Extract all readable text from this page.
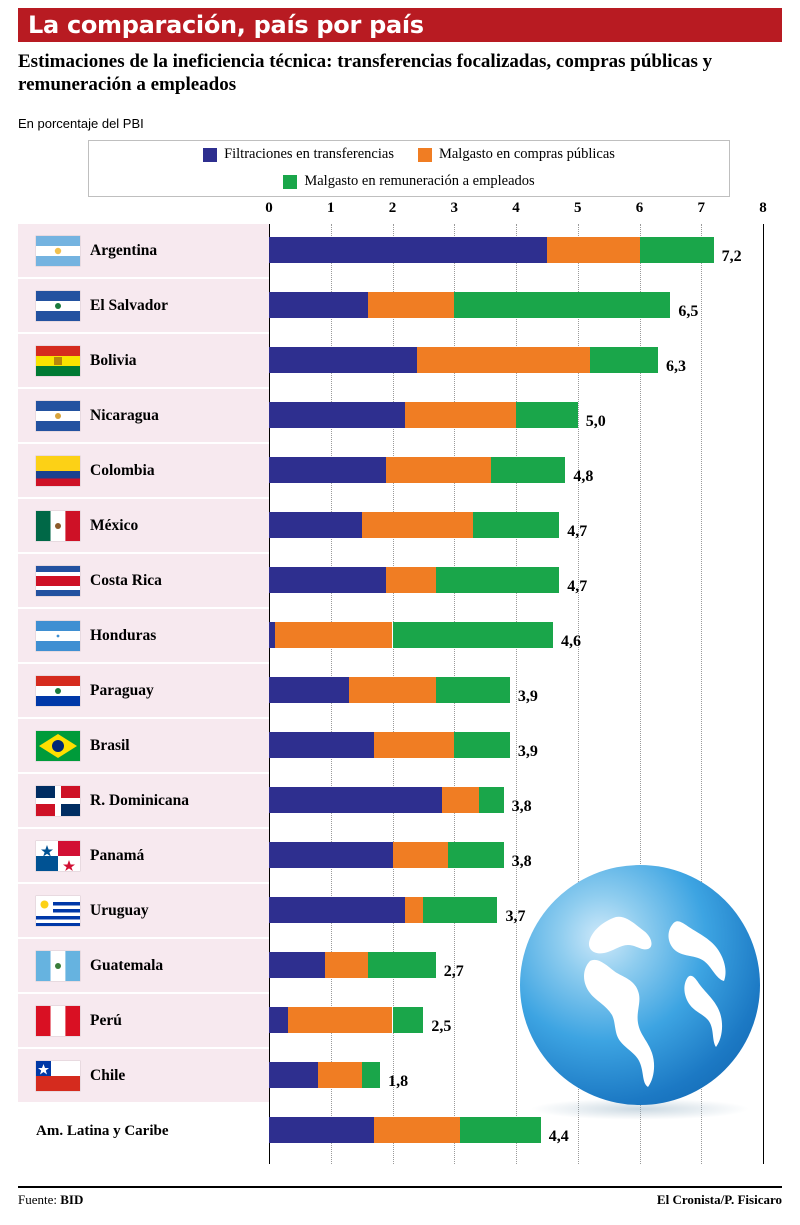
La comparación, país por país
Estimaciones de la ineficiencia técnica: transferencias focalizadas, compras públicas y remuneración a empleados
En porcentaje del PBI
Filtraciones en transferencias	Malgasto en compras públicas
Malgasto en remuneración a empleados
0	1	2	3	4	5	6	7	8
Argentina	7,2
El Salvador	6,5
Bolivia	6,3
Nicaragua	5,0
Colombia	4,8
México	4,7
Costa Rica	4,7
Honduras	4,6
Paraguay	3,9
Brasil	3,9
R. Dominicana	3,8
Panamá	3,8
Uruguay	3,7
Guatemala	2,7
Perú	2,5
Chile	1,8
Am. Latina y Caribe	4,4
Fuente: BID	El Cronista/P. Fisicaro
